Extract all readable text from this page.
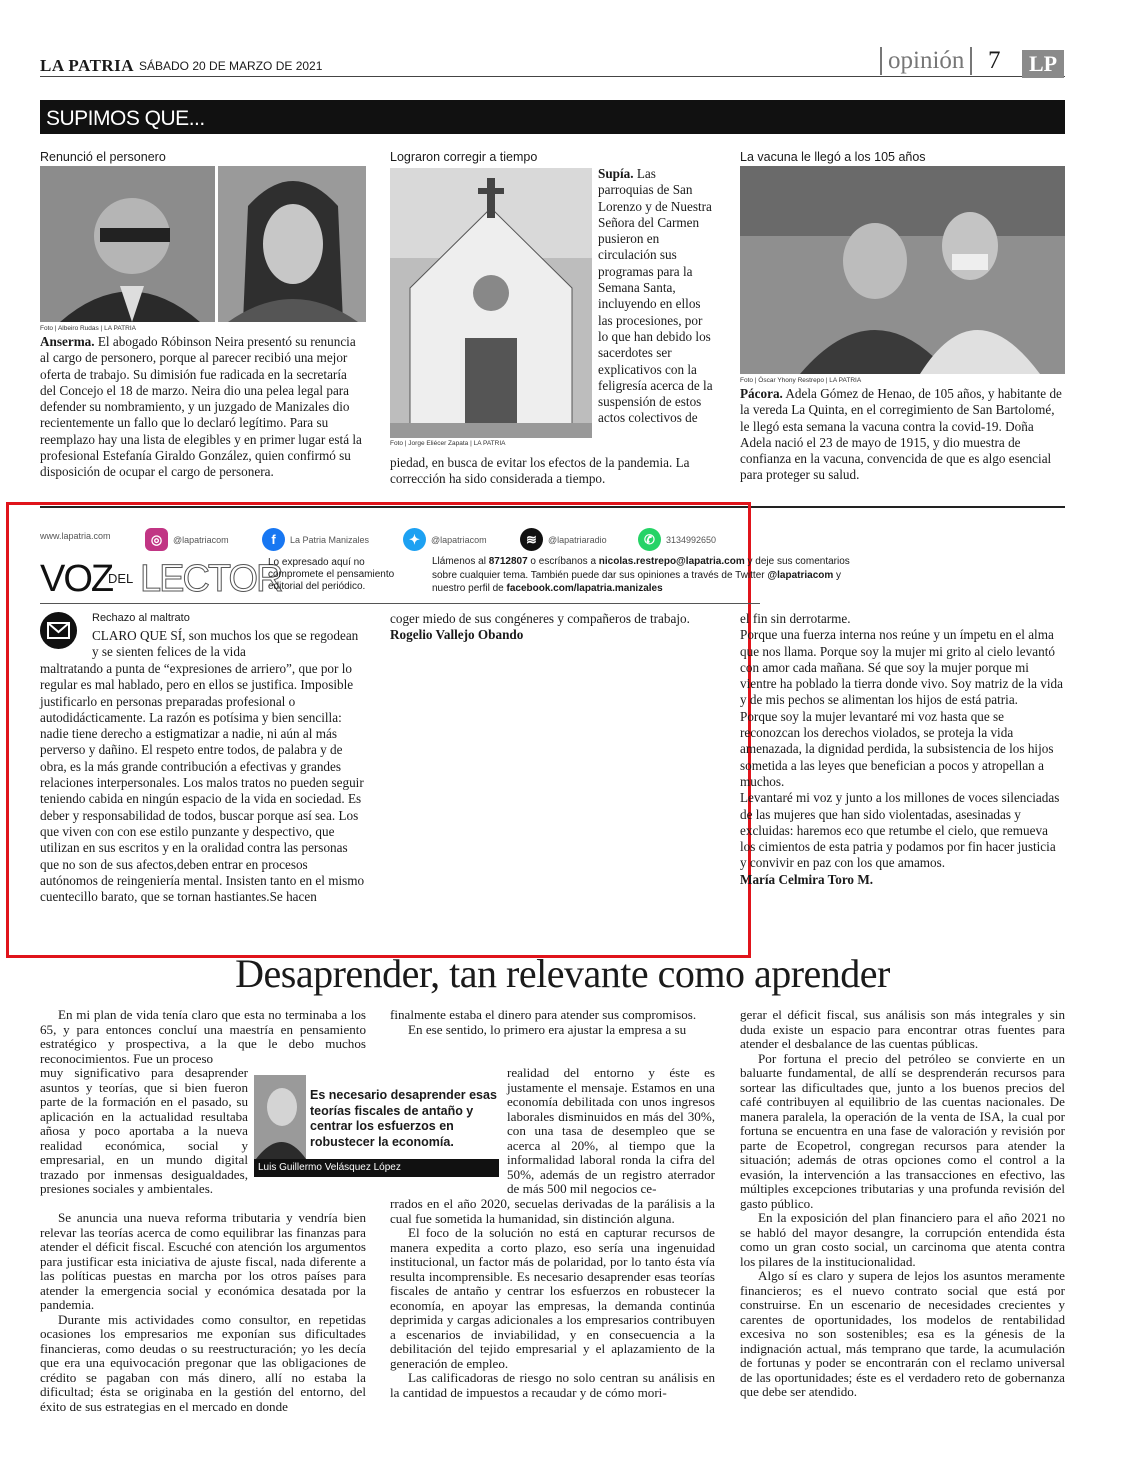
LA PATRIA SÁBADO 20 DE MARZO DE 2021	opinión 7	LP
SUPIMOS QUE...
Renunció el personero
Foto | Albeiro Rudas | LA PATRIA
Anserma. El abogado Róbinson Neira presentó su renuncia al cargo de personero, porque al parecer recibió una mejor oferta de trabajo. Su dimisión fue radicada en la secretaría del Concejo el 18 de marzo. Neira dio una pelea legal para defender su nombramiento, y un juzgado de Manizales dio recientemente un fallo que lo declaró legítimo. Para su reemplazo hay una lista de elegibles y en primer lugar está la profesional Estefanía Giraldo González, quien confirmó su disposición de ocupar el cargo de personera.
Lograron corregir a tiempo
Foto | Jorge Eliécer Zapata | LA PATRIA
Supía. Las parroquias de San Lorenzo y de Nuestra Señora del Carmen pusieron en circulación sus programas para la Semana Santa, incluyendo en ellos las procesiones, por lo que han debido los sacerdotes ser explicativos con la feligresía acerca de la suspensión de estos actos colectivos de
piedad, en busca de evitar los efectos de la pandemia. La corrección ha sido considerada a tiempo.
La vacuna le llegó a los 105 años
Foto | Óscar Yhony Restrepo | LA PATRIA
Pácora. Adela Gómez de Henao, de 105 años, y habitante de la vereda La Quinta, en el corregimiento de San Bartolomé, le llegó esta semana la vacuna contra la covid-19. Doña Adela nació el 23 de mayo de 1915, y dio muestra de confianza en la vacuna, convencida de que es algo esencial para proteger su salud.
www.lapatria.com	◎	@lapatriacom	f	La Patria Manizales	✦	@lapatriacom	≋	@lapatriaradio	✆	3134992650
VOZ
DEL LECTOR
Lo expresado aquí no compromete el pensamiento editorial del periódico.
Llámenos al 8712807 o escríbanos a nicolas.restrepo@lapatria.com y deje sus comentarios sobre cualquier tema. También puede dar sus opiniones a través de Twitter @lapatriacom y nuestro perfil de facebook.com/lapatria.manizales
Rechazo al maltrato
CLARO QUE SÍ, son muchos los que se regodean y se sienten felices de la vida
maltratando a punta de “expresiones de arriero”, que por lo regular es mal hablado, pero en ellos se justifica. Imposible justificarlo en personas preparadas profesional o autodidácticamente. La razón es potísima y bien sencilla: nadie tiene derecho a estigmatizar a nadie, ni aún al más perverso y dañino. El respeto entre todos, de palabra y de obra, es la más grande contribución a efectivas y grandes relaciones interpersonales. Los malos tratos no pueden seguir teniendo cabida en ningún espacio de la vida en sociedad. Es deber y responsabilidad de todos, buscar porque así sea. Los que viven con con ese estilo punzante y despectivo, que utilizan en sus escritos y en la oralidad contra las personas que no son de sus afectos,deben entrar en procesos autónomos de reingeniería mental. Insisten tanto en el mismo cuentecillo barato, que se tornan hastiantes.Se hacen
coger miedo de sus congéneres y compañeros de trabajo.
Rogelio Vallejo Obando
el fin sin derrotarme.
Porque una fuerza interna nos reúne y un ímpetu en el alma que nos llama. Porque soy la mujer mi grito al cielo levantó con amor cada mañana. Sé que soy la mujer porque mi vientre ha poblado la tierra donde vivo. Soy matriz de la vida y de mis pechos se alimentan los hijos de está patria.
Porque soy la mujer levantaré mi voz hasta que se reconozcan los derechos violados, se proteja la vida amenazada, la dignidad perdida, la subsistencia de los hijos sometida a las leyes que benefician a pocos y atropellan a muchos.
Levantaré mi voz y junto a los millones de voces silenciadas de las mujeres que han sido violentadas, asesinadas y excluidas: haremos eco que retumbe el cielo, que remueva los cimientos de esta patria y podamos por fin hacer justicia y convivir en paz con los que amamos.
María Celmira Toro M.
Desaprender, tan relevante como aprender

En mi plan de vida tenía claro que esta no terminaba a los 65, y para entonces concluí una maestría en pensamiento estratégico y prospectiva, a la que le debo muchos reconocimientos. Fue un proceso

muy significativo para desaprender asuntos y teorías, que si bien fueron parte de la formación en el pasado, su aplicación en la actualidad resultaba añosa y poco aportaba a la nueva realidad económica, social y empresarial, en un mundo digital trazado por inmensas desigualdades, presiones sociales y ambientales.

Se anuncia una nueva reforma tributaria y vendría bien relevar las teorías acerca de como equilibrar las finanzas para atender el déficit fiscal. Escuché con atención los argumentos para justificar esta iniciativa de ajuste fiscal, nada diferente a las políticas puestas en marcha por los otros países para atender la emergencia social y económica desatada por la pandemia.

Durante mis actividades como consultor, en repetidas ocasiones los empresarios me exponían sus dificultades financieras, como deudas o su reestructuración; yo les decía que era una equivocación pregonar que las obligaciones de crédito se pagaban con más dinero, allí no estaba la dificultad; ésta se originaba en la gestión del entorno, del éxito de sus estrategias en el mercado en donde

Es necesario desaprender esas teorías fiscales de antaño y centrar los esfuerzos en robustecer la economía.
Luis Guillermo Velásquez López
finalmente estaba el dinero para atender sus compromisos.

En ese sentido, lo primero era ajustar la empresa a su

realidad del entorno y éste es justamente el mensaje. Estamos en una economía debilitada con unos ingresos laborales disminuidos en más del 30%, con una tasa de desempleo que se acerca al 20%, al tiempo que la informalidad laboral ronda la cifra del 50%, además de un registro aterrador de más 500 mil negocios ce-
rrados en el año 2020, secuelas derivadas de la parálisis a la cual fue sometida la humanidad, sin distinción alguna.

El foco de la solución no está en capturar recursos de manera expedita a corto plazo, eso sería una ingenuidad institucional, un factor más de polaridad, por lo tanto ésta vía resulta incomprensible. Es necesario desaprender esas teorías fiscales de antaño y centrar los esfuerzos en robustecer la economía, en apoyar las empresas, la demanda continúa deprimida y cargas adicionales a los empresarios contribuyen a escenarios de inviabilidad, y en consecuencia a la debilitación del tejido empresarial y el aplazamiento de la generación de empleo.

Las calificadoras de riesgo no solo centran su análisis en la cantidad de impuestos a recaudar y de cómo mori-

gerar el déficit fiscal, sus análisis son más integrales y sin duda existe un espacio para encontrar otras fuentes para atender el desbalance de las cuentas públicas.

Por fortuna el precio del petróleo se convierte en un baluarte fundamental, de allí se desprenderán recursos para sortear las dificultades que, junto a los buenos precios del café contribuyen al equilibrio de las cuentas nacionales. De manera paralela, la operación de la venta de ISA, la cual por fortuna se encuentra en una fase de valoración y revisión por parte de Ecopetrol, congregan recursos para atender la situación; además de otras opciones como el control a la evasión, la intervención a las transacciones en efectivo, las múltiples excepciones tributarias y una profunda revisión del gasto público.

En la exposición del plan financiero para el año 2021 no se habló del mayor desangre, la corrupción entendida ésta como un gran costo social, un carcinoma que atenta contra los pilares de la institucionalidad.

Algo sí es claro y supera de lejos los asuntos meramente financieros; es el nuevo contrato social que está por construirse. En un escenario de necesidades crecientes y carentes de oportunidades, los modelos de rentabilidad excesiva no son sostenibles; esa es la génesis de la indignación actual, más temprano que tarde, la acumulación de fortunas y poder se encontrarán con el reclamo universal de las oportunidades; éste es el verdadero reto de gobernanza que debe ser atendido.
